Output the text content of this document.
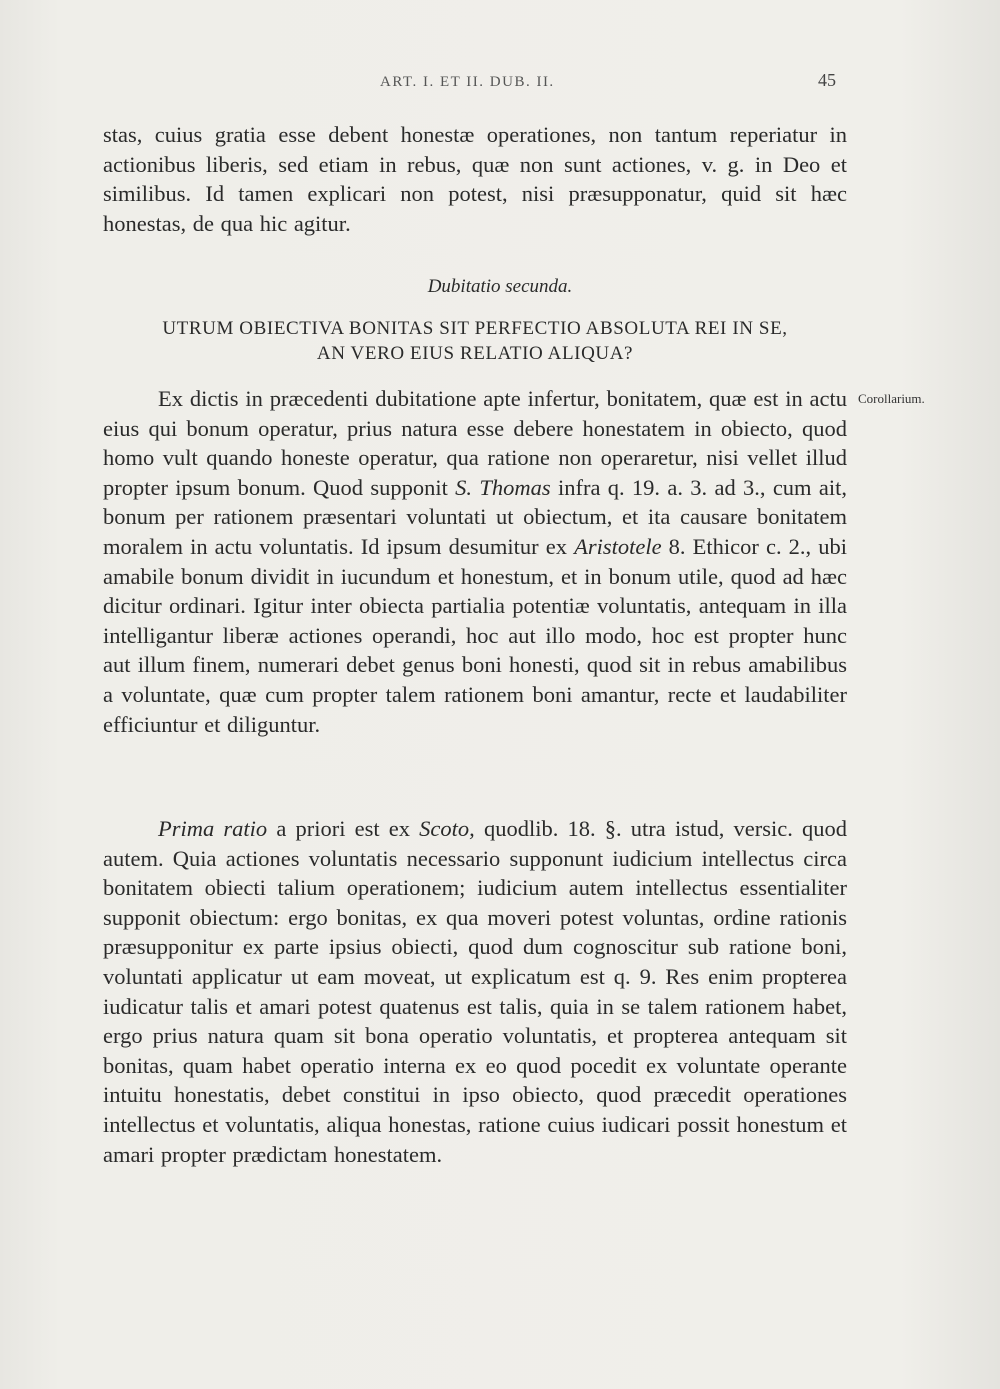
ART. I. ET II. DUB. II.	45

stas, cuius gratia esse debent honestæ operationes, non tantum reperiatur in actionibus liberis, sed etiam in rebus, quæ non sunt actiones, v. g. in Deo et similibus. Id tamen explicari non potest, nisi præsupponatur, quid sit hæc honestas, de qua hic agitur.

Dubitatio secunda.
UTRUM OBIECTIVA BONITAS SIT PERFECTIO ABSOLUTA REI IN SE,
AN VERO EIUS RELATIO ALIQUA?
Corollarium.

Ex dictis in præcedenti dubitatione apte infertur, bonitatem, quæ est in actu eius qui bonum operatur, prius natura esse debere honestatem in obiecto, quod homo vult quando honeste operatur, qua ratione non operaretur, nisi vellet illud propter ipsum bonum. Quod supponit S. Thomas infra q. 19. a. 3. ad 3., cum ait, bonum per rationem præsentari voluntati ut obiectum, et ita causare bonitatem moralem in actu voluntatis. Id ipsum desumitur ex Aristotele 8. Ethicor c. 2., ubi amabile bonum dividit in iucundum et honestum, et in bonum utile, quod ad hæc dicitur ordinari. Igitur inter obiecta partialia potentiæ voluntatis, antequam in illa intelligantur liberæ actiones operandi, hoc aut illo modo, hoc est propter hunc aut illum finem, numerari debet genus boni honesti, quod sit in rebus amabilibus a voluntate, quæ cum propter talem rationem boni amantur, recte et laudabiliter efficiuntur et diliguntur.

Prima ratio a priori est ex Scoto, quodlib. 18. §. utra istud, versic. quod autem. Quia actiones voluntatis necessario supponunt iudicium intellectus circa bonitatem obiecti talium operationem; iudicium autem intellectus essentialiter supponit obiectum: ergo bonitas, ex qua moveri potest voluntas, ordine rationis præsupponitur ex parte ipsius obiecti, quod dum cognoscitur sub ratione boni, voluntati applicatur ut eam moveat, ut explicatum est q. 9. Res enim propterea iudicatur talis et amari potest quatenus est talis, quia in se talem rationem habet, ergo prius natura quam sit bona operatio voluntatis, et propterea antequam sit bonitas, quam habet operatio interna ex eo quod pocedit ex voluntate operante intuitu honestatis, debet constitui in ipso obiecto, quod præcedit operationes intellectus et voluntatis, aliqua honestas, ratione cuius iudicari possit honestum et amari propter prædictam honestatem.
